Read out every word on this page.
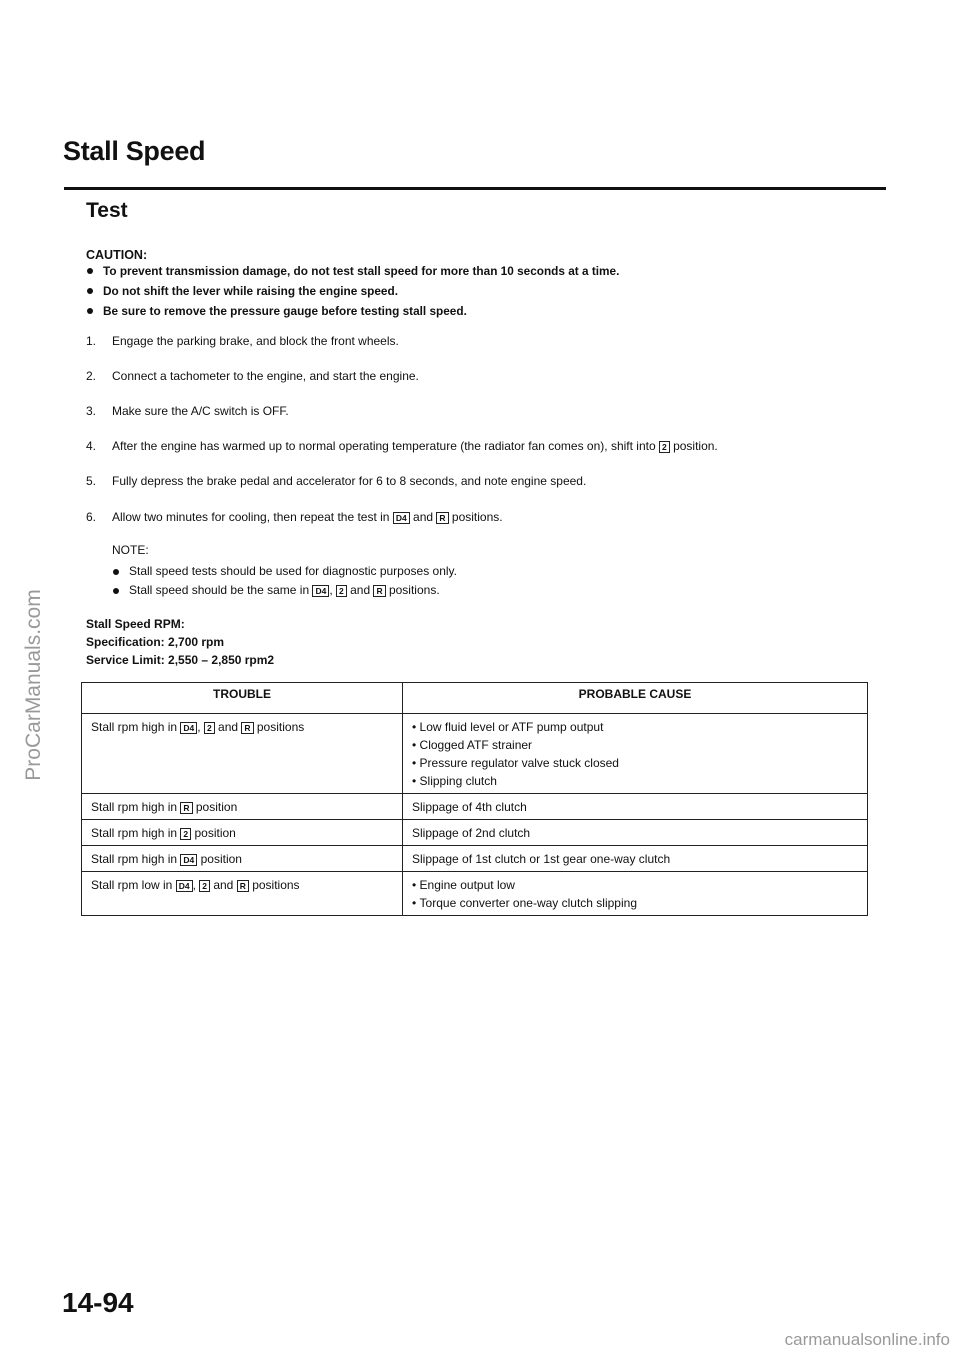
Stall Speed
Test
CAUTION:
To prevent transmission damage, do not test stall speed for more than 10 seconds at a time.
Do not shift the lever while raising the engine speed.
Be sure to remove the pressure gauge before testing stall speed.
1. Engage the parking brake, and block the front wheels.
2. Connect a tachometer to the engine, and start the engine.
3. Make sure the A/C switch is OFF.
4. After the engine has warmed up to normal operating temperature (the radiator fan comes on), shift into 2 position.
5. Fully depress the brake pedal and accelerator for 6 to 8 seconds, and note engine speed.
6. Allow two minutes for cooling, then repeat the test in D4 and R positions.
NOTE:
Stall speed tests should be used for diagnostic purposes only.
Stall speed should be the same in D4 , 2 and R positions.
Stall Speed RPM:
Specification: 2,700 rpm
Service Limit: 2,550 – 2,850 rpm2
TROUBLE	PROBABLE CAUSE
Stall rpm high in D4 , 2 and R positions	• Low fluid level or ATF pump output
• Clogged ATF strainer
• Pressure regulator valve stuck closed
• Slipping clutch

Stall rpm high in R position	Slippage of 4th clutch
Stall rpm high in 2 position	Slippage of 2nd clutch
Stall rpm high in D4 position	Slippage of 1st clutch or 1st gear one-way clutch
Stall rpm low in D4 , 2 and R positions	• Engine output low
• Torque converter one-way clutch slipping
14-94
ProCarManuals.com
carmanualsonline.info
